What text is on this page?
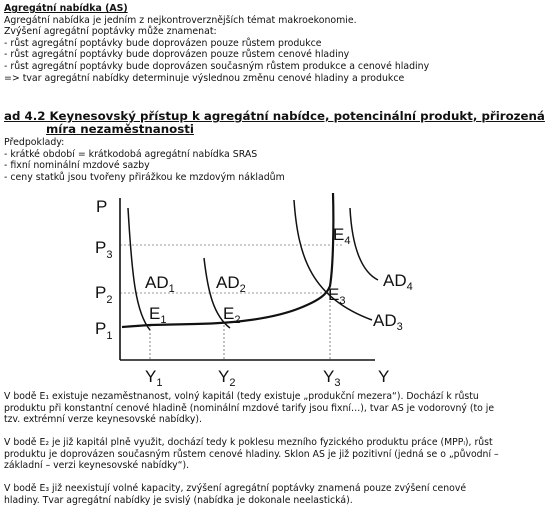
Agregátní nabídka (AS)
Agregátní nabídka je jedním z nejkontroverznějších témat makroekonomie.
Zvýšení agregátní poptávky může znamenat:
- růst agregátní poptávky bude doprovázen pouze růstem produkce
- růst agregátní poptávky bude doprovázen pouze růstem cenové hladiny
- růst agregátní poptávky bude doprovázen současným růstem produkce a cenové hladiny
=> tvar agregátní nabídky determinuje výslednou změnu cenové hladiny a produkce
ad 4.2 Keynesovský přístup k agregátní nabídce, potencinální produkt, přirozená
míra nezaměstnanosti
Předpoklady:
- krátké období = krátkodobá agregátní nabídka SRAS
- fixní nominální mzdové sazby
- ceny statků jsou tvořeny přirážkou ke mzdovým nákladům
P
Y
$P_3$
$P_2$
$P_1$
$Y_1$	$Y_2$	$Y_3$
$AD_1$ $AD_2$
$AD_3$
$AD_4$
$E_1$	$E_2$
$E_3$
$E_4$
V bodě E₁ existuje nezaměstnanost, volný kapitál (tedy existuje „produkční mezera“). Dochází k růstu produktu při konstantní cenové hladině (nominální mzdové tarify jsou fixní…), tvar AS je vodorovný (to je tzv. extrémní verze keynesovské nabídky).
V bodě E₂ je již kapitál plně využit, dochází tedy k poklesu mezního fyzického produktu práce (MPPₗ), růst produktu je doprovázen současným růstem cenové hladiny. Sklon AS je již pozitivní (jedná se o „původní – základní – verzi keynesovské nabídky“).
V bodě E₃ již neexistují volné kapacity, zvýšení agregátní poptávky znamená pouze zvýšení cenové hladiny. Tvar agregátní nabídky je svislý (nabídka je dokonale neelastická).
